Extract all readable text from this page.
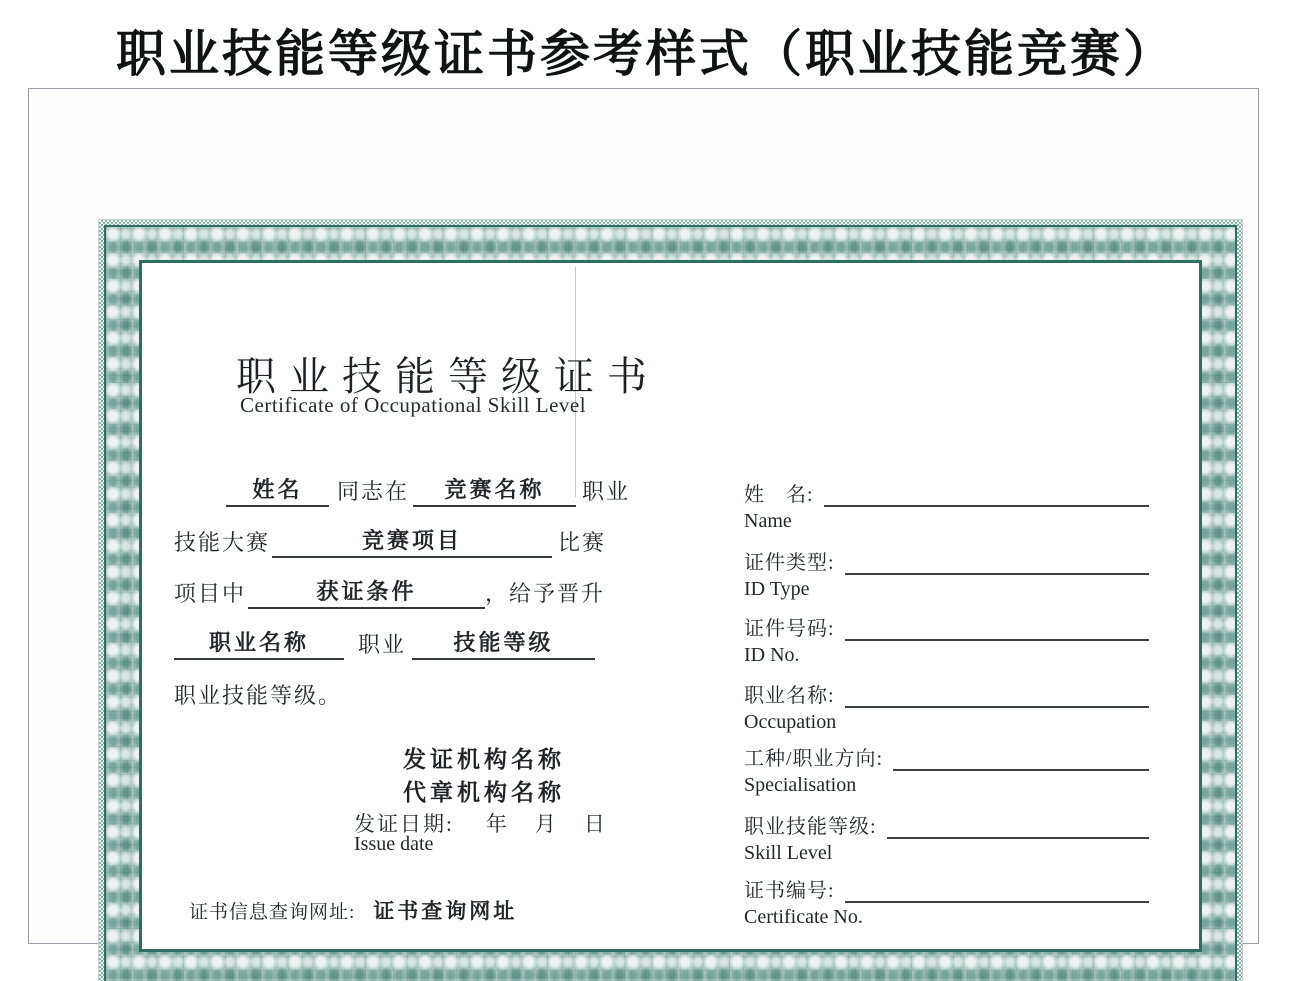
职业技能等级证书参考样式（职业技能竞赛）
职业技能等级证书
Certificate of Occupational Skill Level
姓名 同志在 竞赛名称 职业
技能大赛	竞赛项目	比赛
项目中	获证条件	，给予晋升
职业名称 职业 技能等级
职业技能等级。
发证机构名称
代章机构名称
发证日期: 年 月 日
Issue date
证书信息查询网址: 证书查询网址
姓　名:
Name
证件类型:
ID Type
证件号码:
ID No.
职业名称:
Occupation
工种/职业方向:
Specialisation
职业技能等级:
Skill Level
证书编号:
Certificate No.
